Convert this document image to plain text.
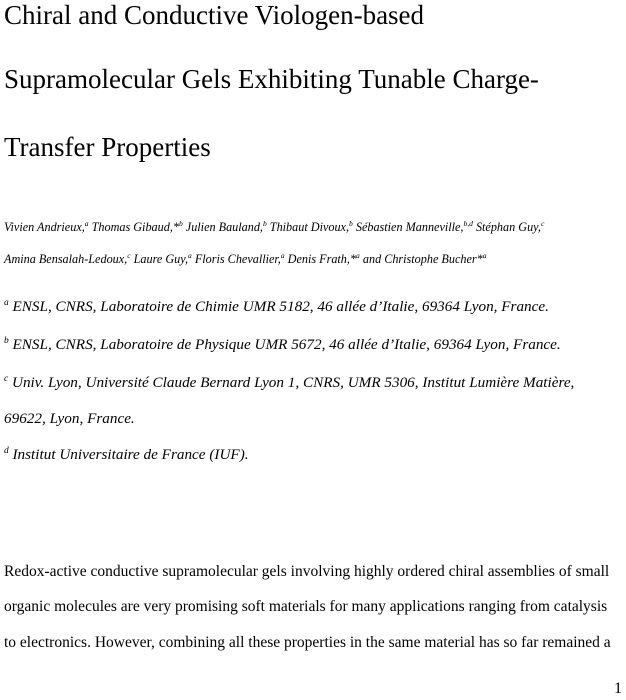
Chiral and Conductive Viologen-based
Supramolecular Gels Exhibiting Tunable Charge-
Transfer Properties
Vivien Andrieux,$^a$ Thomas Gibaud,*$^b$ Julien Bauland,$^b$ Thibaut Divoux,$^b$ Sébastien Manneville,$^{b,d}$ Stéphan Guy,$^c$
Amina Bensalah-Ledoux,$^c$ Laure Guy,$^a$ Floris Chevallier,$^a$ Denis Frath,*$^a$ and Christophe Bucher*$^a$
$^a$ ENSL, CNRS, Laboratoire de Chimie UMR 5182, 46 allée d’Italie, 69364 Lyon, France.
$^b$ ENSL, CNRS, Laboratoire de Physique UMR 5672, 46 allée d’Italie, 69364 Lyon, France.
$^c$ Univ. Lyon, Université Claude Bernard Lyon 1, CNRS, UMR 5306, Institut Lumière Matière,
69622, Lyon, France.
$^d$ Institut Universitaire de France (IUF).
Redox-active conductive supramolecular gels involving highly ordered chiral assemblies of small
organic molecules are very promising soft materials for many applications ranging from catalysis
to electronics. However, combining all these properties in the same material has so far remained a
1
